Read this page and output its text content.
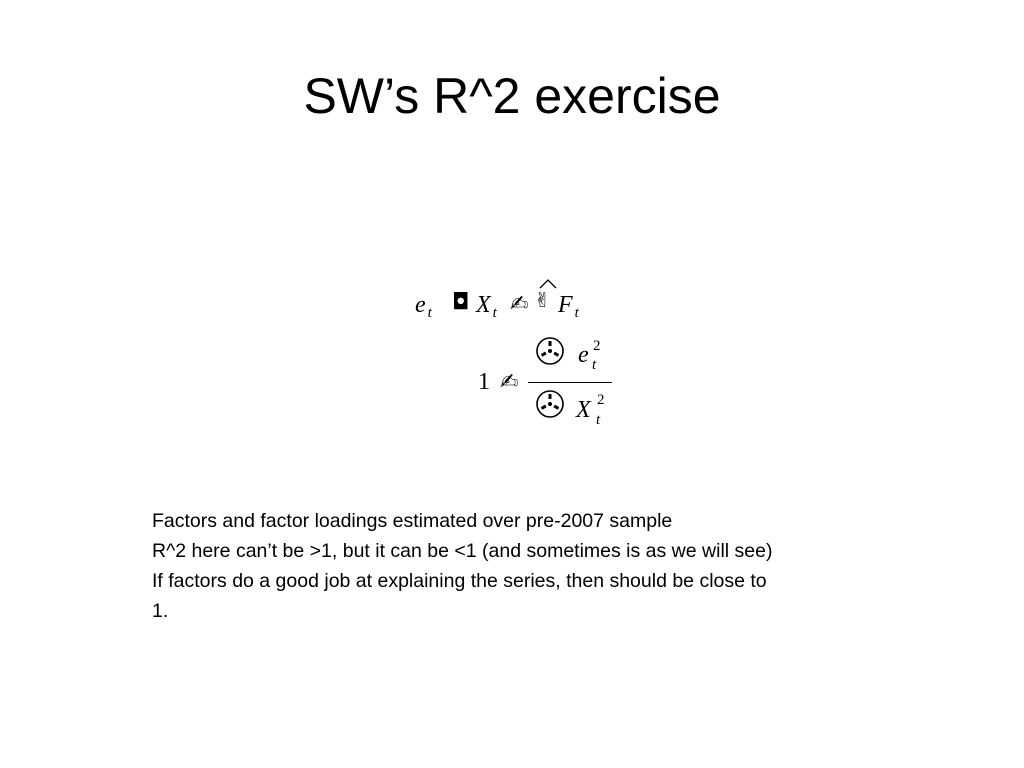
SW’s R^2 exercise
e $_t$ ◘ X $_t$ ✍ ✌ F $_t$
1 ✍
e 2
t
X 2
t
Factors and factor loadings estimated over pre-2007 sample
R^2 here can’t be >1, but it can be <1 (and sometimes is as we will see)
If factors do a good job at explaining the series, then should be close to
1.
